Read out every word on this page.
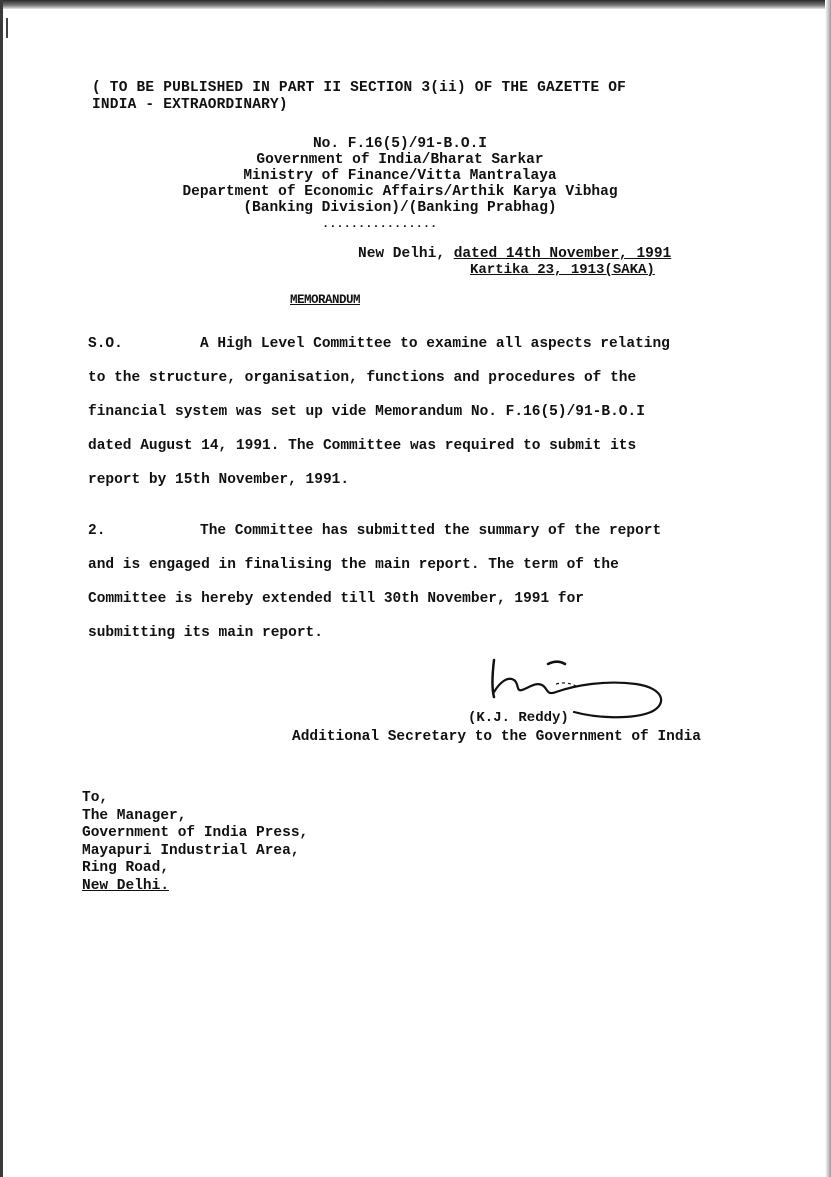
( TO BE PUBLISHED IN PART II SECTION 3(ii) OF THE GAZETTE OF
INDIA - EXTRAORDINARY)
No. F.16(5)/91-B.O.I
Government of India/Bharat Sarkar
Ministry of Finance/Vitta Mantralaya
Department of Economic Affairs/Arthik Karya Vibhag
(Banking Division)/(Banking Prabhag)
................
New Delhi, dated 14th November, 1991
Kartika 23, 1913(SAKA)
MEMORANDUM
S.O.	A High Level Committee to examine all aspects relating
to the structure, organisation, functions and procedures of the
financial system was set up vide Memorandum No. F.16(5)/91-B.O.I
dated August 14, 1991. The Committee was required to submit its
report by 15th November, 1991.
2.	The Committee has submitted the summary of the report
and is engaged in finalising the main report. The term of the
Committee is hereby extended till 30th November, 1991 for
submitting its main report.
(K.J. Reddy)
Additional Secretary to the Government of India
To,
The Manager,
Government of India Press,
Mayapuri Industrial Area,
Ring Road,
New Delhi.
